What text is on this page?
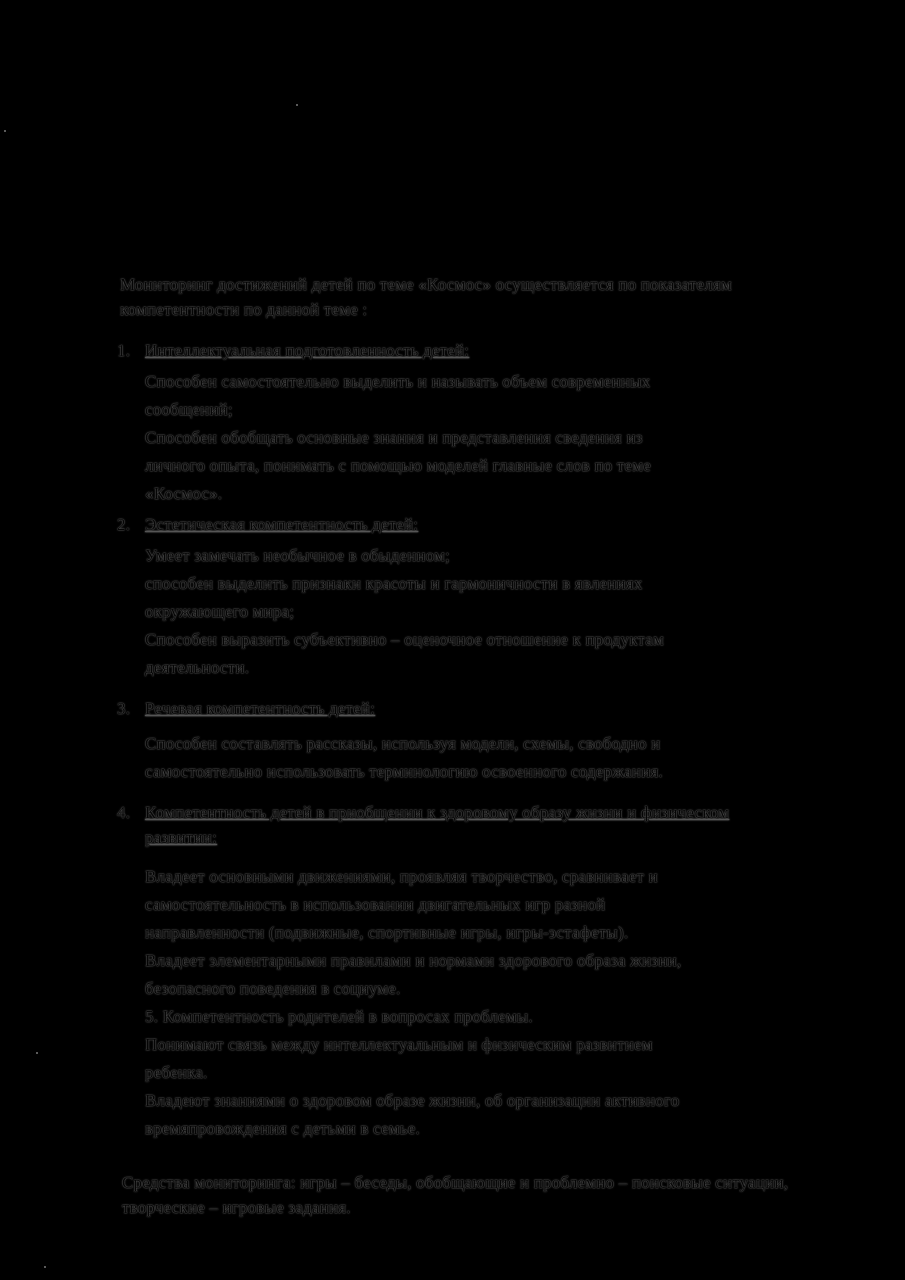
Мониторинг достижений детей по теме «Космос» осуществляется по показателям компетентности по данной теме :
1. Интеллектуальная подготовленность детей:
Способен самостоятельно выделить и называть объем современных
сообщений;
Способен обобщать основные знания и представления сведения из
личного опыта, понимать с помощью моделей главные слов по теме
«Космос».
2. Эстетическая компетентность детей:
Умеет замечать необычное в обыденном;
способен выделить признаки красоты и гармоничности в явлениях
окружающего мира;
Способен выразить субъективно – оценочное отношение к продуктам
деятельности.
3. Речевая компетентность детей:
Способен составлять рассказы, используя модели, схемы, свободно и
самостоятельно использовать терминологию освоенного содержания.
4. Компетентность детей в приобщении к здоровому образу жизни и физическом развитии:
Владеет основными движениями, проявляя творчество, сравнивает и
самостоятельность в использовании двигательных игр разной
направленности (подвижные, спортивные игры, игры-эстафеты).
Владеет элементарными правилами и нормами здорового образа жизни,
безопасного поведения в социуме.
5. Компетентность родителей в вопросах проблемы.
Понимают связь между интеллектуальным и физическим развитием
ребенка.
Владеют знаниями о здоровом образе жизни, об организации активного
времяпровождения с детьми в семье.
Средства мониторинга: игры – беседы, обобщающие и проблемно – поисковые ситуации, творческие – игровые задания.
